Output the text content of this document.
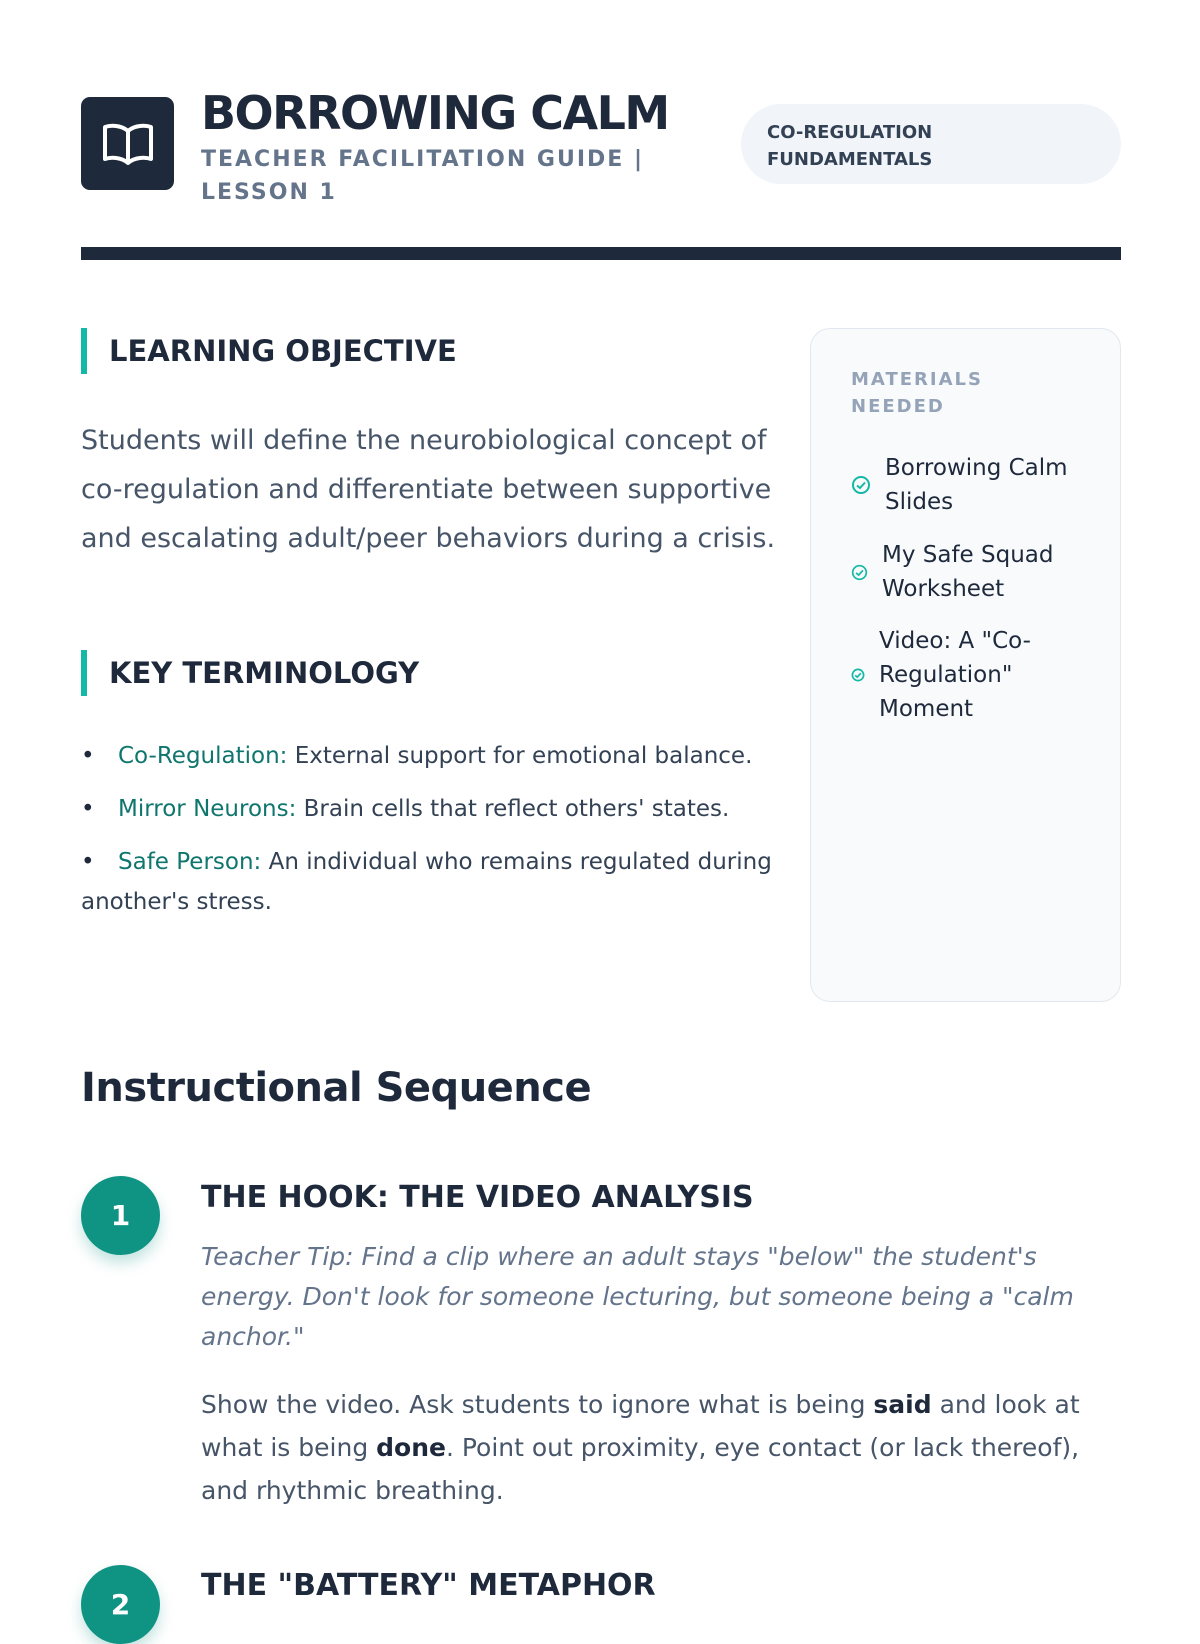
BORROWING CALM
TEACHER FACILITATION GUIDE | LESSON 1
CO-REGULATION FUNDAMENTALS
LEARNING OBJECTIVE

Students will define the neurobiological concept of co-regulation and differentiate between supportive and escalating adult/peer behaviors during a crisis.

KEY TERMINOLOGY
• Co-Regulation: External support for emotional balance.
• Mirror Neurons: Brain cells that reflect others' states.
• Safe Person: An individual who remains regulated during another's stress.
MATERIALS NEEDED
Borrowing Calm Slides
My Safe Squad Worksheet
Video: A "Co-Regulation" Moment
Instructional Sequence
1
THE HOOK: THE VIDEO ANALYSIS

Teacher Tip: Find a clip where an adult stays "below" the student's energy. Don't look for someone lecturing, but someone being a "calm anchor."

Show the video. Ask students to ignore what is being said and look at what is being done. Point out proximity, eye contact (or lack thereof), and rhythmic breathing.

2
THE "BATTERY" METAPHOR
